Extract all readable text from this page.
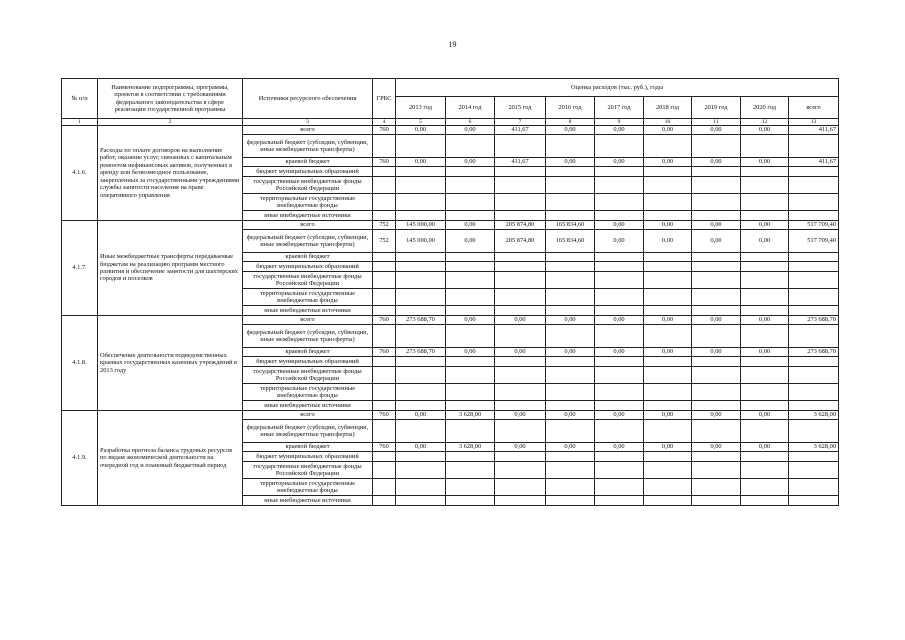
19
№ п/п	Наименование подпрограммы, программы, проектов в соответствии с требованиями федерального законодательства в сфере реализации государственной программы	Источники ресурсного обеспечения	ГРБС	Оценка расходов (тыс. руб.), годы								
				2013 год	2014 год	2015 год	2016 год	2017 год	2018 год	2019 год	2020 год	всего
1	2	3	4	5	6	7	8	9	10	11	12	13
4.1.6.	Расходы по оплате договоров на выполнение работ, оказание услуг, связанных с капитальным ремонтом нефинансовых активов, полученных в аренду или безвозмездное пользование, закрепленных за государственными учреждениями службы занятости населения на праве оперативного управления	всего	760	0,00	0,00	411,67	0,00	0,00	0,00	0,00	0,00	411,67
		федеральный бюджет (субсидии, субвенции, иные межбюджетные трансферты)										
		краевой бюджет	760	0,00	0,00	411,67	0,00	0,00	0,00	0,00	0,00	411,67
		бюджет муниципальных образований										
		государственные внебюджетные фонды Российской Федерации										
		территориальные государственные внебюджетные фонды										
		иные внебюджетные источники										
4.1.7.	Иные межбюджетные трансферты передаваемые бюджетам на реализацию программ местного развития и обеспечение занятости для шахтерских городов и поселков	всего	752	145 000,00	0,00	205 874,80	165 834,60	0,00	0,00	0,00	0,00	517 709,40
		федеральный бюджет (субсидии, субвенции, иные межбюджетные трансферты)	752	145 000,00	0,00	205 874,80	165 834,60	0,00	0,00	0,00	0,00	517 709,40
		краевой бюджет										
		бюджет муниципальных образований										
		государственные внебюджетные фонды Российской Федерации										
		территориальные государственные внебюджетные фонды										
		иные внебюджетные источники										
4.1.8.	Обеспечение деятельности подведомственных краевых государственных казенных учреждений в 2013 году	всего	760	273 688,70	0,00	0,00	0,00	0,00	0,00	0,00	0,00	273 688,70
		федеральный бюджет (субсидии, субвенции, иные межбюджетные трансферты)										
		краевой бюджет	760	273 688,70	0,00	0,00	0,00	0,00	0,00	0,00	0,00	273 688,70
		бюджет муниципальных образований										
		государственные внебюджетные фонды Российской Федерации										
		территориальные государственные внебюджетные фонды										
		иные внебюджетные источники										
4.1.9.	Разработка прогноза баланса трудовых ресурсов по видам экономической деятельности на очередной год и плановый бюджетный период	всего	760	0,00	3 628,00	0,00	0,00	0,00	0,00	0,00	0,00	3 628,00
		федеральный бюджет (субсидии, субвенции, иные межбюджетные трансферты)										
		краевой бюджет	760	0,00	3 628,00	0,00	0,00	0,00	0,00	0,00	0,00	3 628,00
		бюджет муниципальных образований										
		государственные внебюджетные фонды Российской Федерации										
		территориальные государственные внебюджетные фонды										
		иные внебюджетные источники										
